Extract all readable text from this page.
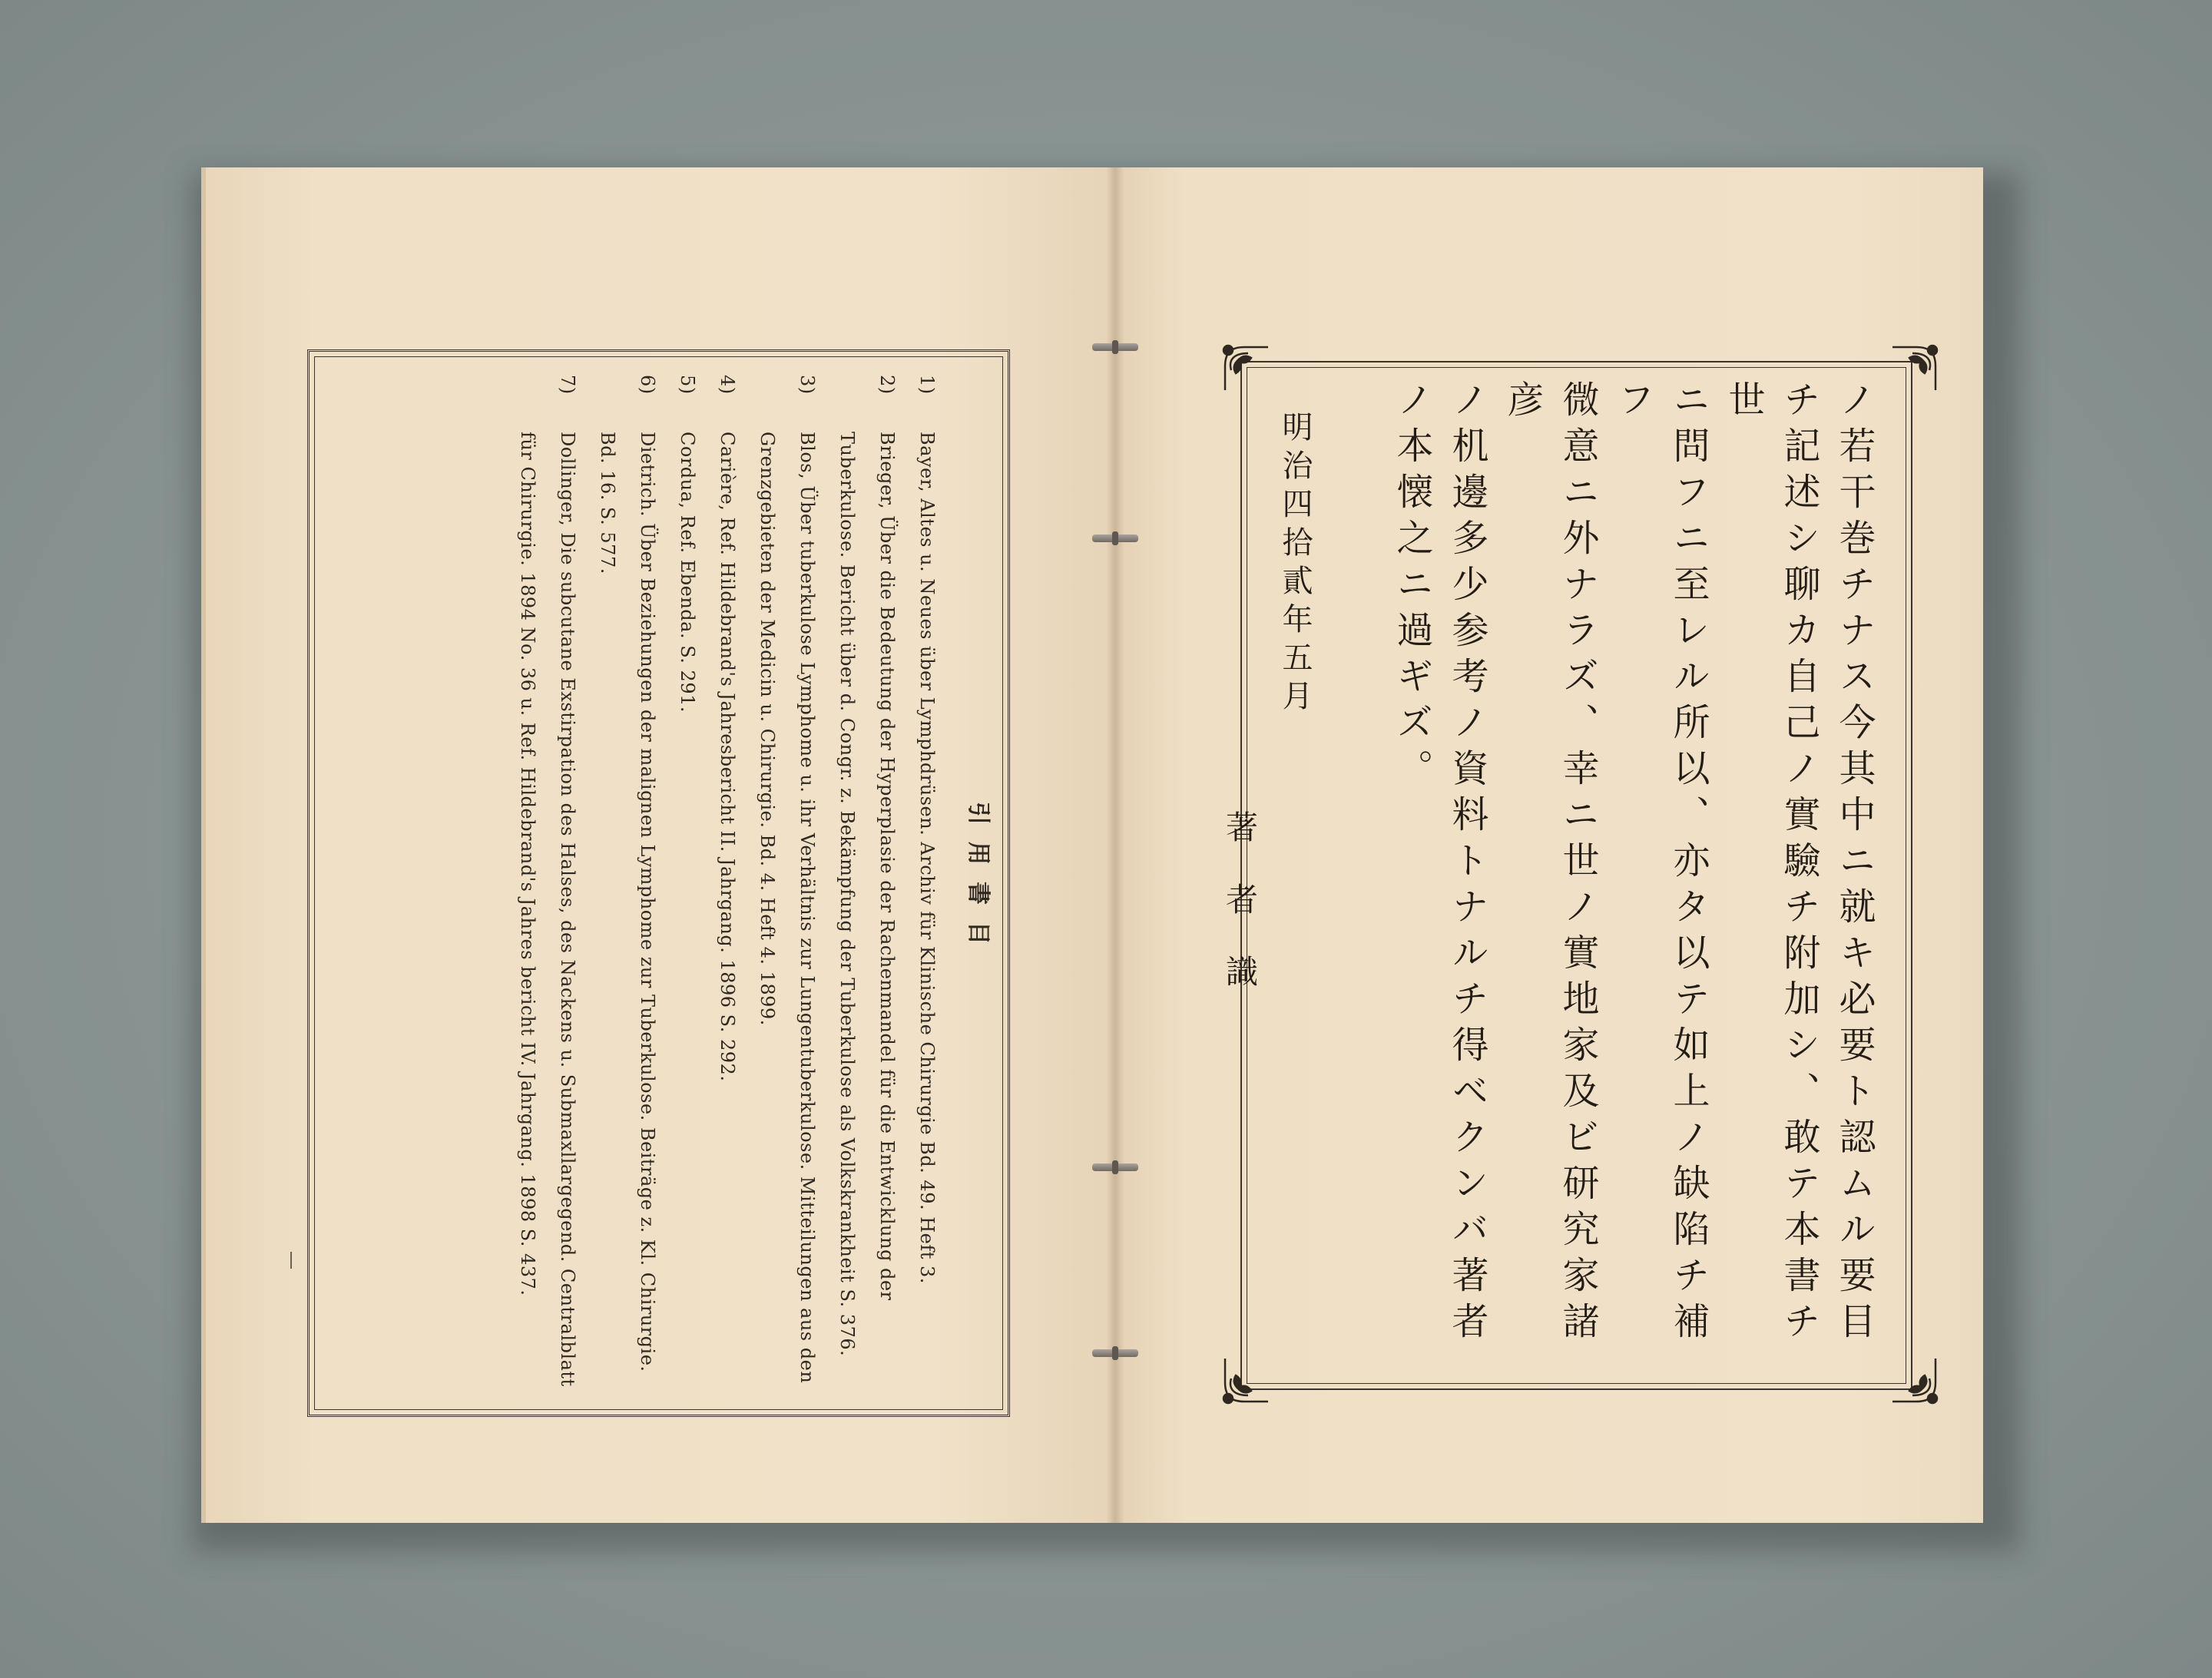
引用書目
1)Bayer, Altes u. Neues über Lymphdrüsen. Archiv für Klinische Chirurgie Bd. 49. Heft 3.
2)Brieger, Über die Bedeutung der Hyperplasie der Rachenmandel für die Entwicklung der Tuberkulose. Bericht über d. Congr. z. Bekämpfung der Tuberkulose als Volkskrankheit S. 376.
3)Blos, Über tuberkulose Lymphome u. ihr Verhältnis zur Lungentuberkulose. Mitteilungen aus den Grenzgebieten der Medicin u. Chirurgie. Bd. 4. Heft 4. 1899.
4)Carière, Ref. Hildebrand's Jahresbericht II. Jahrgang. 1896 S. 292.
5)Cordua, Ref. Ebenda. S. 291.
6)Dietrich. Über Beziehungen der malignen Lymphome zur Tuberkulose. Beiträge z. Kl. Chirurgie. Bd. 16. S. 577.
7)Dollinger, Die subcutane Exstirpation des Halses, des Nackens u. Submaxllargegend. Centralblatt für Chirurgie. 1894 No. 36 u. Ref. Hildebrand's Jahres bericht IV. Jahrgang. 1898 S. 437.	ノ若干巻チナス今其中ニ就キ必要ト認ムル要目
チ記述シ聊カ自己ノ實驗チ附加シ、敢テ本書チ世
ニ問フニ至レル所以、亦タ以テ如上ノ缺陷チ補フ
微意ニ外ナラズ、幸ニ世ノ實地家及ビ研究家諸彦
ノ机邊多少参考ノ資料トナルチ得ベクンバ著者
ノ本懐之ニ過ギズ。
明治四拾貳年五月
著者識
